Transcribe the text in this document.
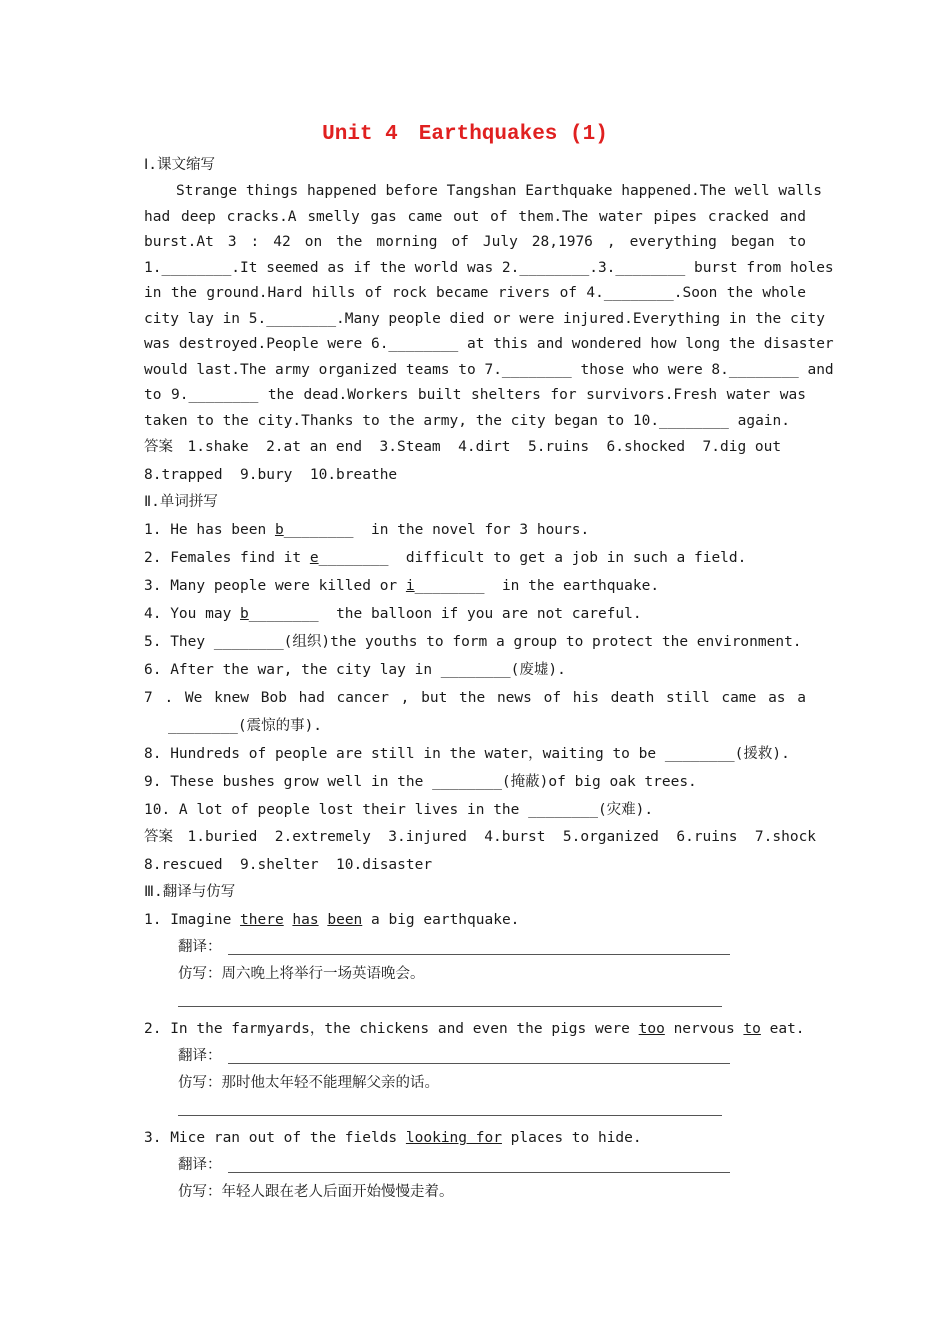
Unit 4　Earthquakes (1)
Ⅰ.课文缩写
Strange things happened before Tangshan Earthquake happened.The well walls
had deep cracks.A smelly gas came out of them.The water pipes cracked and
burst.At 3 : 42 on the morning of July 28,1976 , everything began to
1.________.It seemed as if the world was 2.________.3.________ burst from holes
in the ground.Hard hills of rock became rivers of 4.________.Soon the whole
city lay in 5.________.Many people died or were injured.Everything in the city
was destroyed.People were 6.________ at this and wondered how long the disaster
would last.The army organized teams to 7.________ those who were 8.________ and
to 9.________ the dead.Workers built shelters for survivors.Fresh water was
taken to the city.Thanks to the army, the city began to 10.________ again.
答案　1.shake  2.at an end  3.Steam  4.dirt  5.ruins  6.shocked  7.dig out
8.trapped  9.bury  10.breathe
Ⅱ.单词拼写
1. He has been b________  in the novel for 3 hours.
2. Females find it e________  difficult to get a job in such a field.
3. Many people were killed or i________  in the earthquake.
4. You may b________  the balloon if you are not careful.
5. They ________(组织)the youths to form a group to protect the environment.
6. After the war, the city lay in ________(废墟).
7 . We knew Bob had cancer , but the news of his death still came as a
________(震惊的事).
8. Hundreds of people are still in the water，waiting to be ________(援救).
9. These bushes grow well in the ________(掩蔽)of big oak trees.
10. A lot of people lost their lives in the ________(灾难).
答案　1.buried  2.extremely  3.injured  4.burst  5.organized  6.ruins  7.shock
8.rescued  9.shelter  10.disaster
Ⅲ.翻译与仿写
1. Imagine there has been a big earthquake.
翻译：
仿写：周六晚上将举行一场英语晚会。
2. In the farmyards，the chickens and even the pigs were too nervous to eat.
翻译：
仿写：那时他太年轻不能理解父亲的话。
3. Mice ran out of the fields looking for places to hide.
翻译：
仿写：年轻人跟在老人后面开始慢慢走着。
